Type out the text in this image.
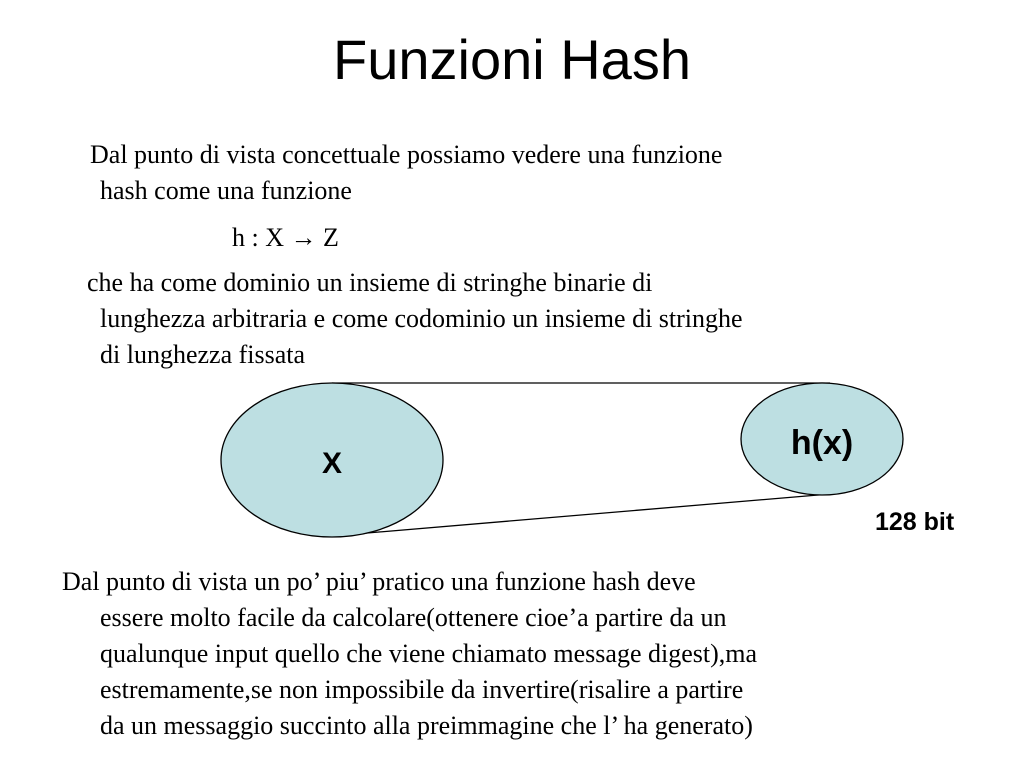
Funzioni Hash
Dal punto di vista concettuale possiamo vedere una funzione
hash come una funzione
h : X → Z
che ha come dominio un insieme di stringhe binarie di
lunghezza arbitraria e come codominio un insieme di stringhe
di lunghezza fissata
X
h(x)
128 bit
Dal punto di vista un po’ piu’ pratico una funzione hash deve
essere molto facile da calcolare(ottenere cioe’a partire da un
qualunque input quello che viene chiamato message digest),ma
estremamente,se non impossibile da invertire(risalire a partire
da un messaggio succinto alla preimmagine che l’ ha generato)
